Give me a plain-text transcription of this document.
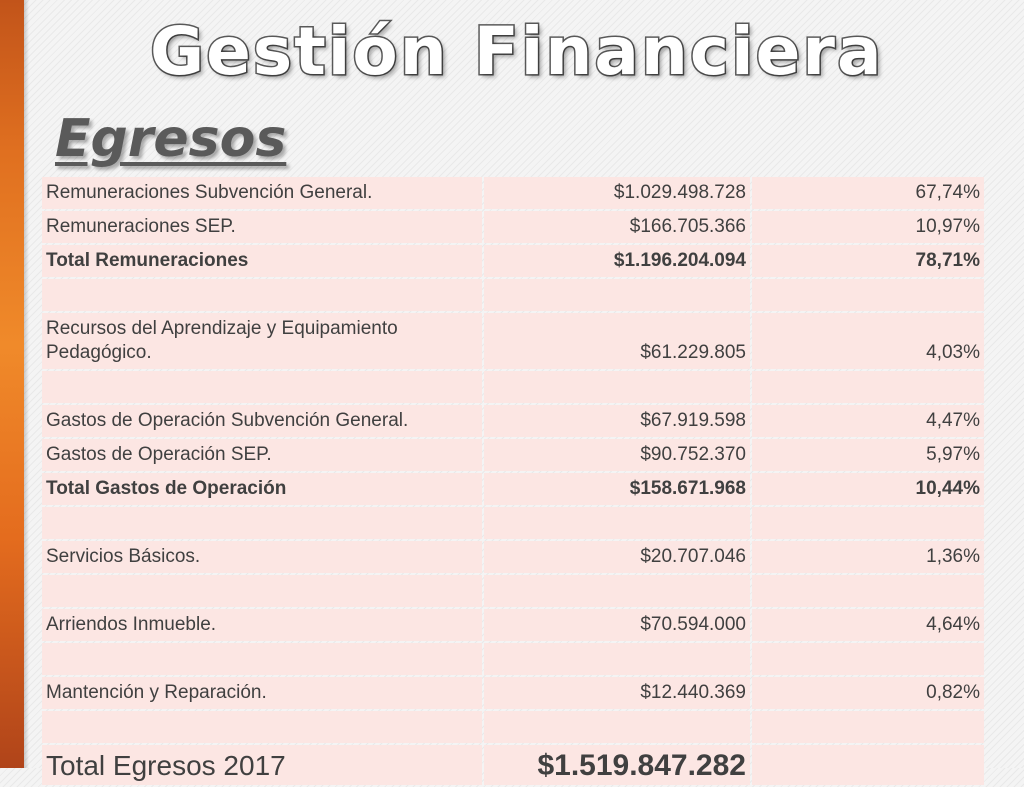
Gestión Financiera
Egresos
Remuneraciones Subvención General.	$1.029.498.728	67,74%
Remuneraciones SEP.	$166.705.366	10,97%
Total Remuneraciones	$1.196.204.094	78,71%

Recursos del Aprendizaje y Equipamiento Pedagógico.	$61.229.805	4,03%

Gastos de Operación Subvención General.	$67.919.598	4,47%
Gastos de Operación SEP.	$90.752.370	5,97%
Total Gastos de Operación	$158.671.968	10,44%

Servicios Básicos.	$20.707.046	1,36%

Arriendos Inmueble.	$70.594.000	4,64%

Mantención y Reparación.	$12.440.369	0,82%

Total Egresos 2017	$1.519.847.282	
